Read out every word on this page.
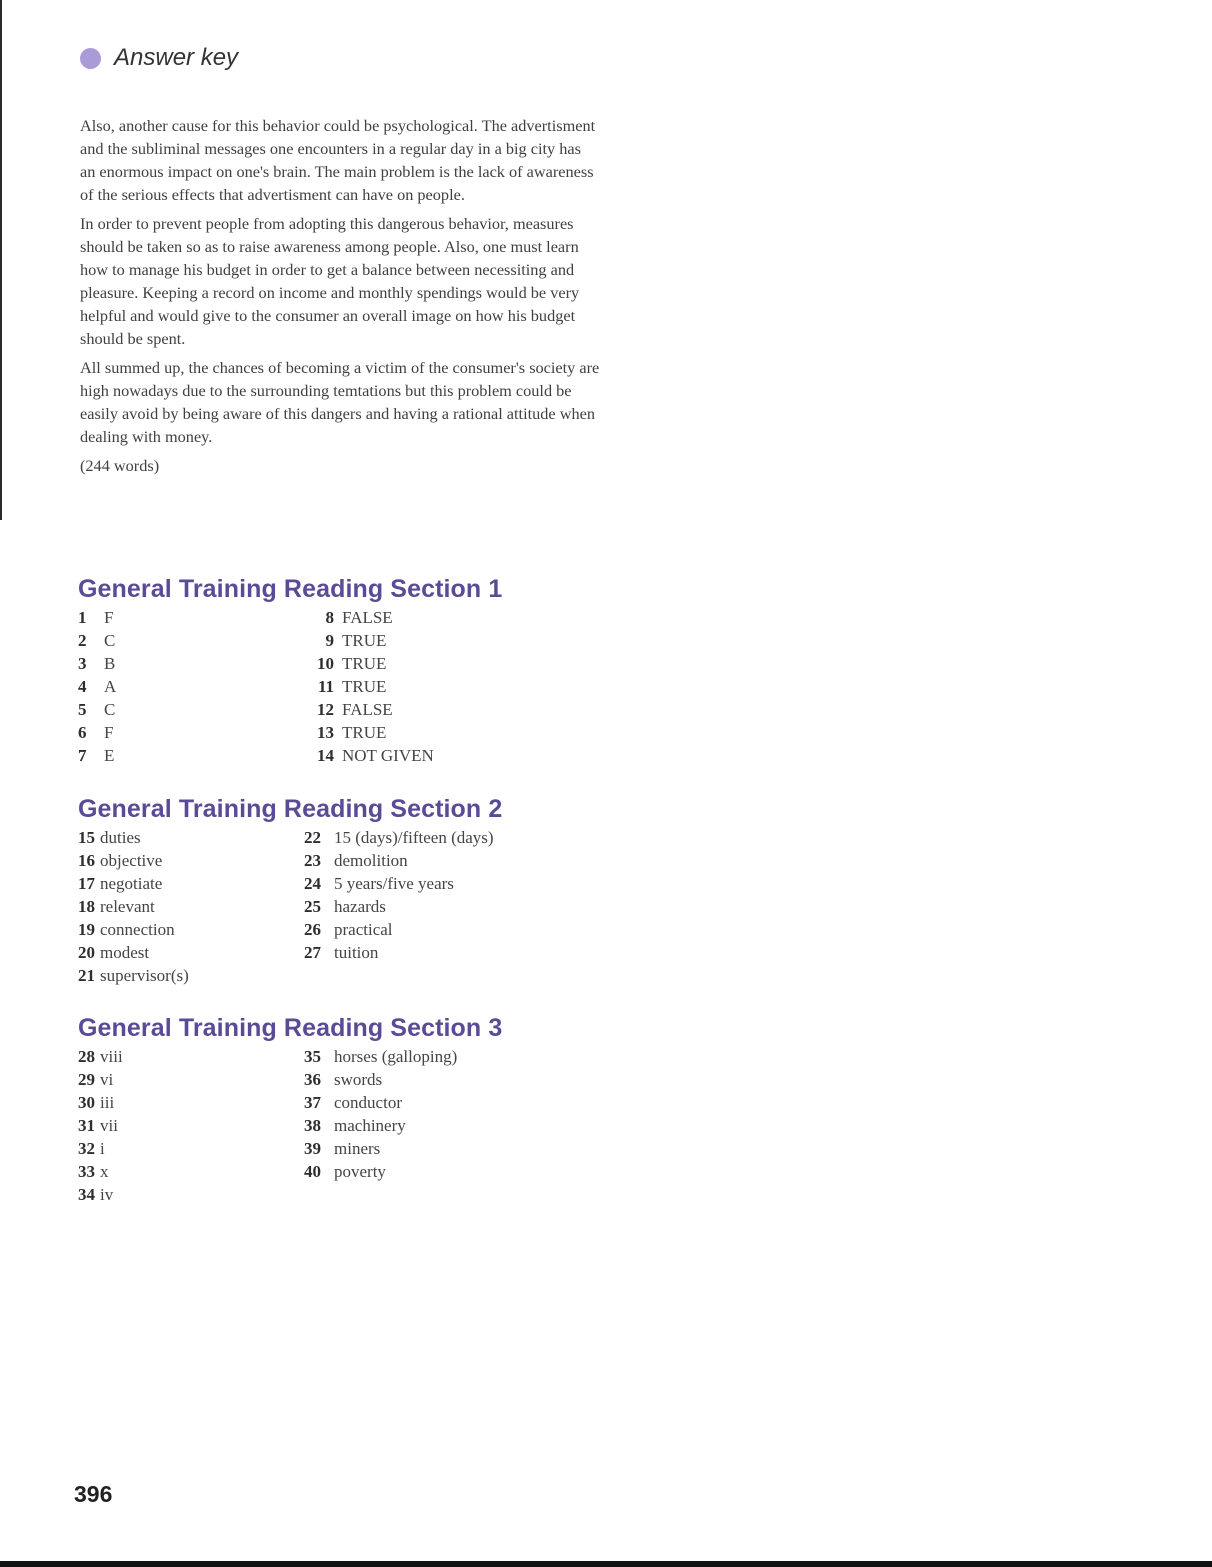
Answer key

Also, another cause for this behavior could be psychological. The advertisment and the subliminal messages one encounters in a regular day in a big city has an enormous impact on one's brain. The main problem is the lack of awareness of the serious effects that advertisment can have on people.

In order to prevent people from adopting this dangerous behavior, measures should be taken so as to raise awareness among people. Also, one must learn how to manage his budget in order to get a balance between necessiting and pleasure. Keeping a record on income and monthly spendings would be very helpful and would give to the consumer an overall image on how his budget should be spent.

All summed up, the chances of becoming a victim of the consumer's society are high nowadays due to the surrounding temtations but this problem could be easily avoid by being aware of this dangers and having a rational attitude when dealing with money.

(244 words)

General Training Reading Section 1
1	F
2	C
3	B
4	A
5	C
6	F
7	E
8 FALSE
9 TRUE
10 TRUE
11 TRUE
12 FALSE
13 TRUE
14 NOT GIVEN
General Training Reading Section 2
15 duties
16 objective
17 negotiate
18 relevant
19 connection
20 modest
21 supervisor(s)
22 15 (days)/fifteen (days)
23 demolition
24 5 years/five years
25 hazards
26 practical
27 tuition
General Training Reading Section 3
28 viii
29 vi
30 iii
31 vii
32 i
33 x
34 iv
35 horses (galloping)
36 swords
37 conductor
38 machinery
39 miners
40 poverty
396
